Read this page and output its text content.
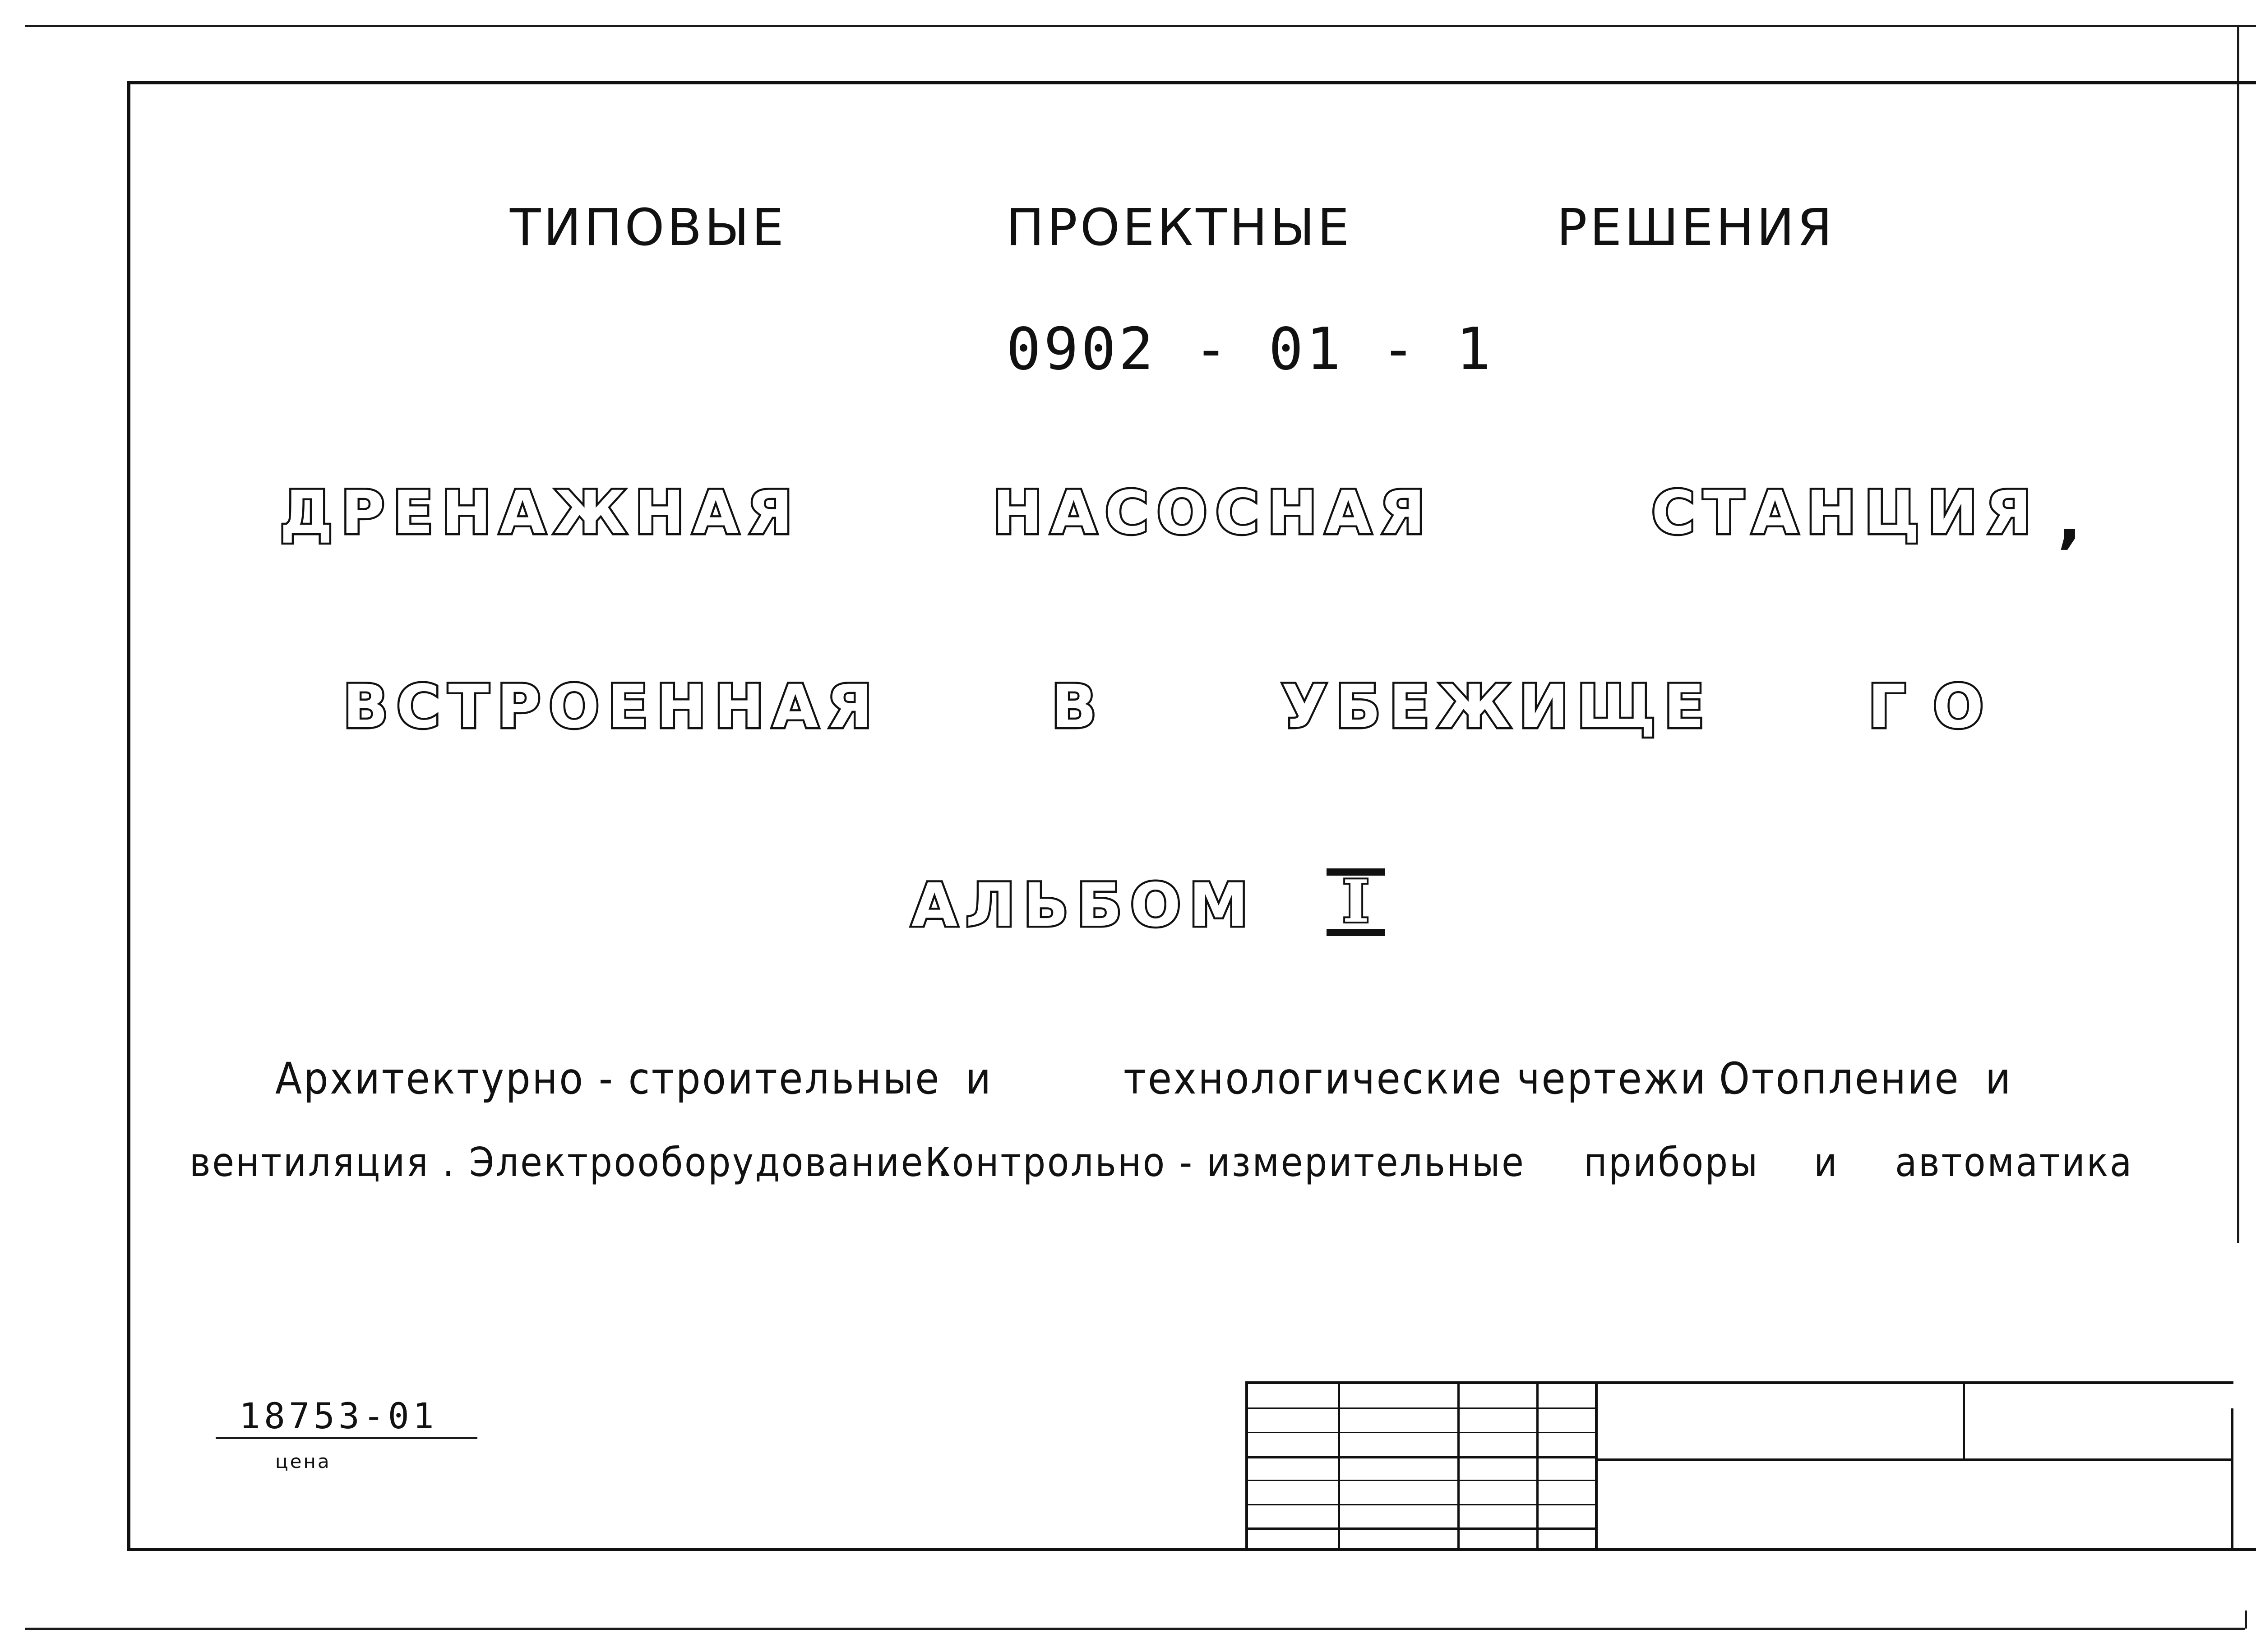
ТИПОВЫЕ	ПРОЕКТНЫЕ	РЕШЕНИЯ
0902 - 01 - 1
ДРЕНАЖНАЯ	НАСОСНАЯ	СТАНЦИЯ ,
ВСТРОЕННАЯ	В	УБЕЖИЩЕ	ГО
АЛЬБОМ	I
Архитектурно - строительные и	технологические чертежи .
Отопление и
вентиляция . Электрооборудование .
Контрольно - измерительные приборы и автоматика
18753-01
цена
